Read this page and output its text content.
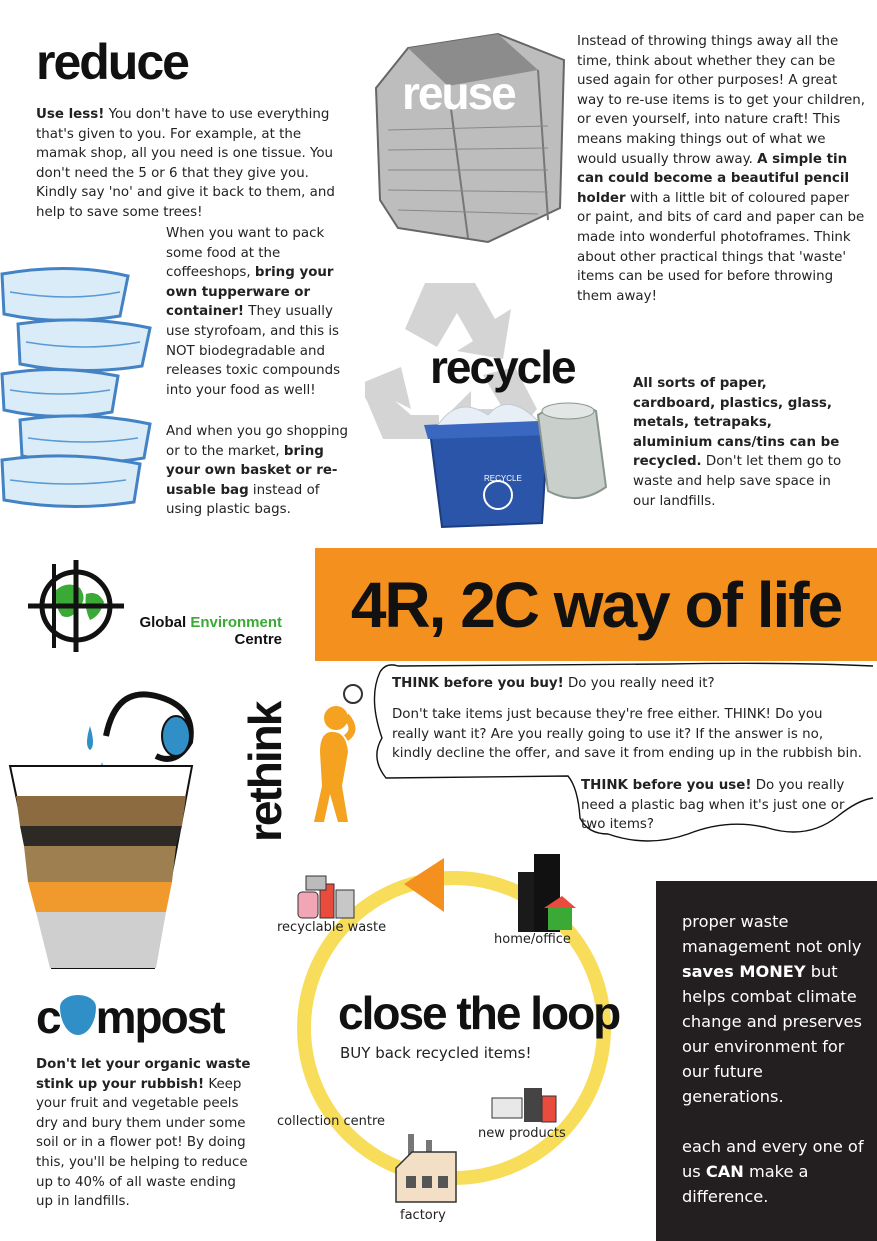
reduce
Use less! You don't have to use everything that's given to you. For example, at the mamak shop, all you need is one tissue. You don't need the 5 or 6 that they give you. Kindly say 'no' and give it back to them, and help to save some trees!
When you want to pack some food at the coffeeshops, bring your own tupperware or container! They usually use styrofoam, and this is NOT biodegradable and releases toxic compounds into your food as well!
And when you go shopping or to the market, bring your own basket or re-usable bag instead of using plastic bags.
reuse
Instead of throwing things away all the time, think about whether they can be used again for other purposes! A great way to re-use items is to get your children, or even yourself, into nature craft! This means making things out of what we would usually throw away. A simple tin can could become a beautiful pencil holder with a little bit of coloured paper or paint, and bits of card and paper can be made into wonderful photoframes. Think about other practical things that 'waste' items can be used for before throwing them away!
recycle
RECYCLE
All sorts of paper, cardboard, plastics, glass, metals, tetrapaks, aluminium cans/tins can be recycled. Don't let them go to waste and help save space in our landfills.
Global Environment
Centre	4R, 2C way of life
rethink
THINK before you buy! Do you really need it?
Don't take items just because they're free either. THINK! Do you really want it? Are you really going to use it? If the answer is no, kindly decline the offer, and save it from ending up in the rubbish bin.
THINK before you use! Do you really need a plastic bag when it's just one or two items?
c mpost
Don't let your organic waste stink up your rubbish! Keep your fruit and vegetable peels dry and bury them under some soil or in a flower pot! By doing this, you'll be helping to reduce up to 40% of all waste ending up in landfills.
recyclable waste
home/office
new products
factory
collection centre
close the loop
BUY back recycled items!
proper waste management not only saves MONEY but helps combat climate change and preserves our environment for our future generations.
each and every one of us CAN make a difference.
